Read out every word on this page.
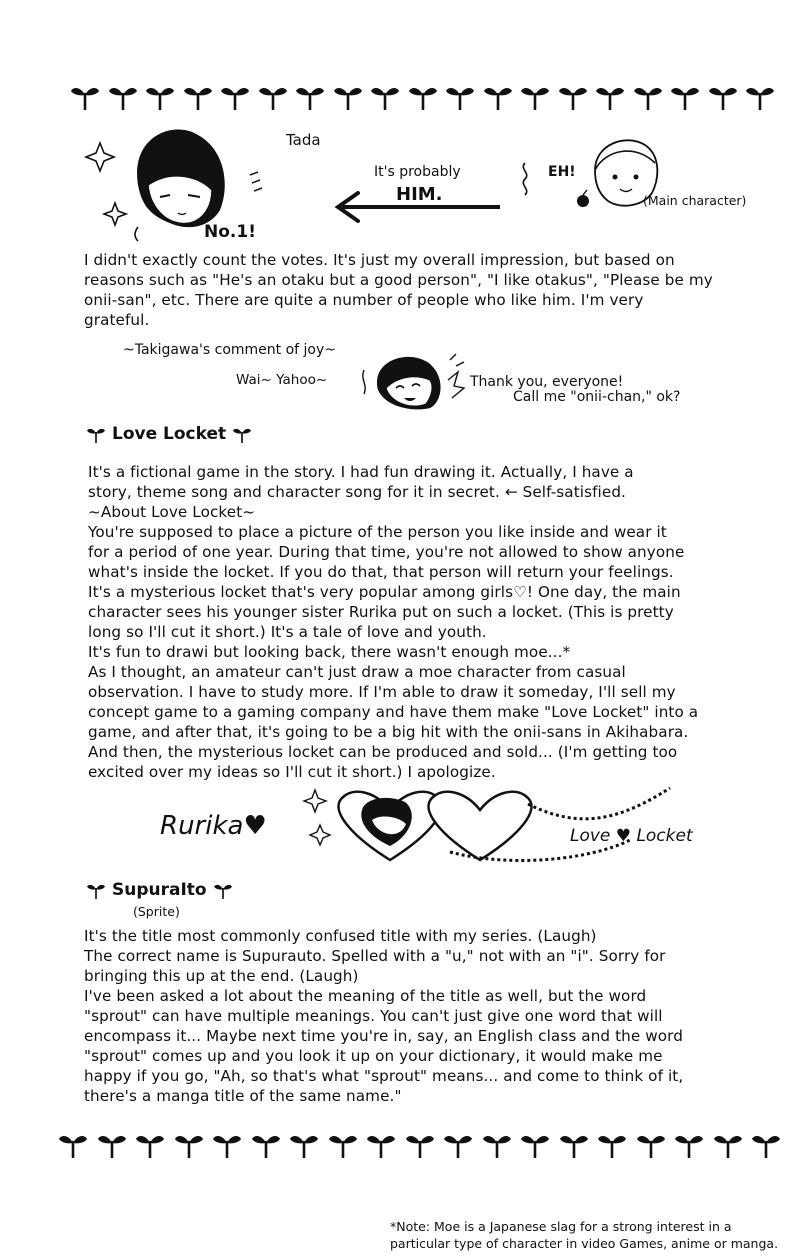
Tada
No.1!
It's probably
HIM.
EH!
(Main character)
I didn't exactly count the votes. It's just my overall impression, but based on
reasons such as "He's an otaku but a good person", "I like otakus", "Please be my
onii-san", etc. There are quite a number of people who like him. I'm very
grateful.
~Takigawa's comment of joy~
Wai~ Yahoo~	Thank you, everyone!
Call me "onii-chan," ok?
Love Locket
It's a fictional game in the story. I had fun drawing it. Actually, I have a
story, theme song and character song for it in secret. ← Self-satisfied.
~About Love Locket~
You're supposed to place a picture of the person you like inside and wear it
for a period of one year. During that time, you're not allowed to show anyone
what's inside the locket. If you do that, that person will return your feelings.
It's a mysterious locket that's very popular among girls♡! One day, the main
character sees his younger sister Rurika put on such a locket. (This is pretty
long so I'll cut it short.) It's a tale of love and youth.
It's fun to drawi but looking back, there wasn't enough moe...*
As I thought, an amateur can't just draw a moe character from casual
observation. I have to study more. If I'm able to draw it someday, I'll sell my
concept game to a gaming company and have them make "Love Locket" into a
game, and after that, it's going to be a big hit with the onii-sans in Akihabara.
And then, the mysterious locket can be produced and sold... (I'm getting too
excited over my ideas so I'll cut it short.) I apologize.
Rurika♥	Love ♥ Locket
SupuraIto
(Sprite)
It's the title most commonly confused title with my series. (Laugh)
The correct name is Supurauto. Spelled with a "u," not with an "i". Sorry for
bringing this up at the end. (Laugh)
I've been asked a lot about the meaning of the title as well, but the word
"sprout" can have multiple meanings. You can't just give one word that will
encompass it... Maybe next time you're in, say, an English class and the word
"sprout" comes up and you look it up on your dictionary, it would make me
happy if you go, "Ah, so that's what "sprout" means... and come to think of it,
there's a manga title of the same name."
*Note: Moe is a Japanese slag for a strong interest in a
particular type of character in video Games, anime or manga.
